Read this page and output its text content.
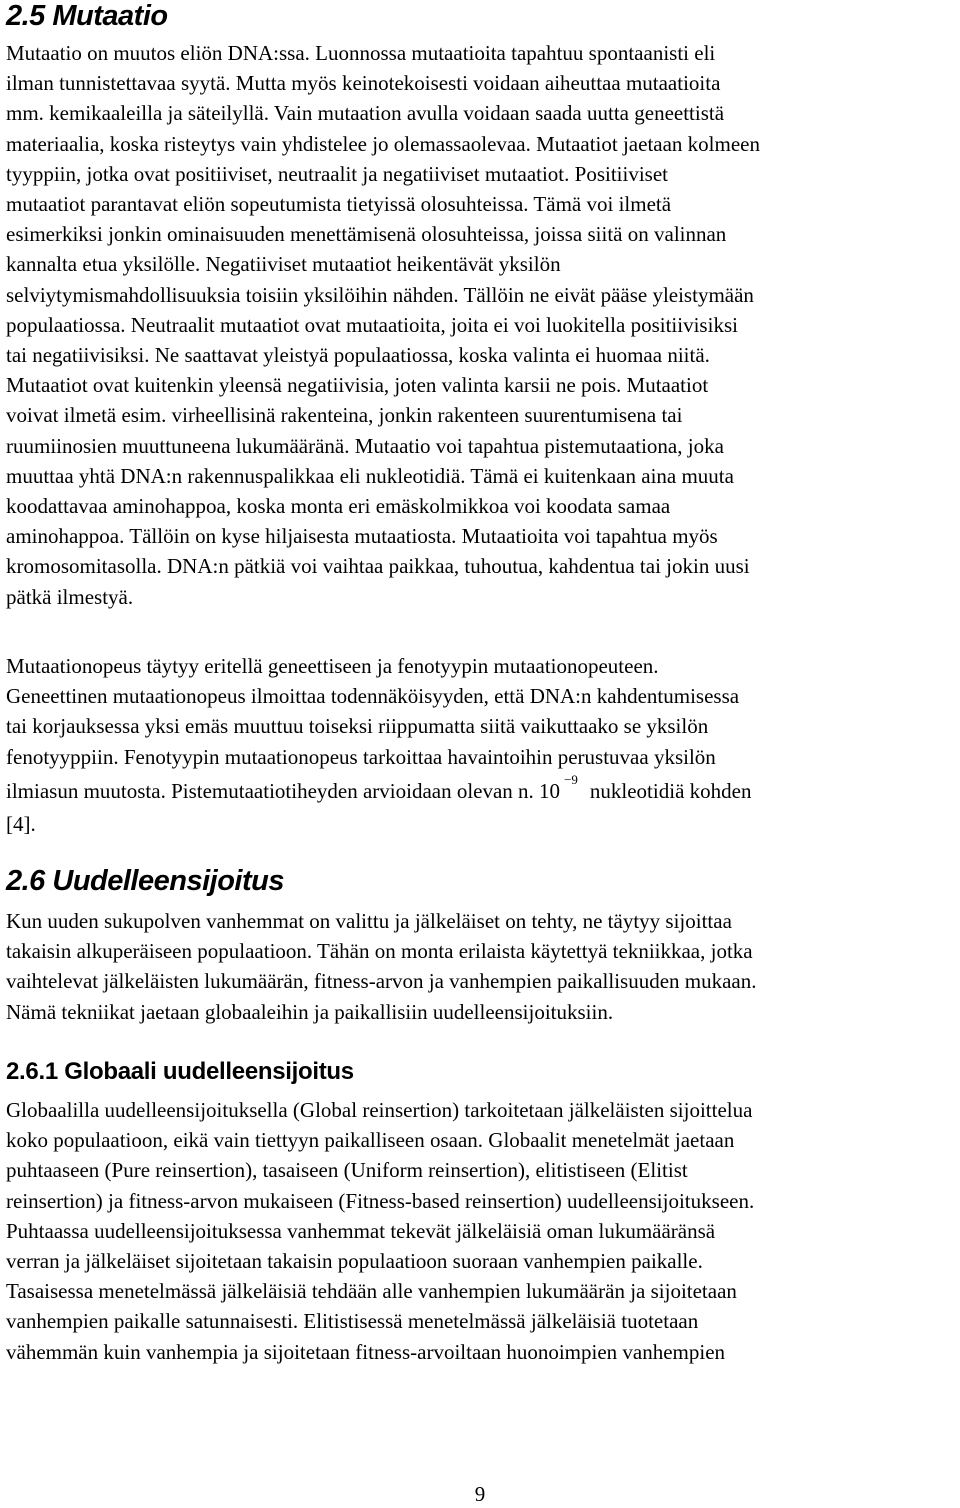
2.5 Mutaatio
Mutaatio on muutos eliön DNA:ssa. Luonnossa mutaatioita tapahtuu spontaanisti eli
ilman tunnistettavaa syytä. Mutta myös keinotekoisesti voidaan aiheuttaa mutaatioita
mm. kemikaaleilla ja säteilyllä. Vain mutaation avulla voidaan saada uutta geneettistä
materiaalia, koska risteytys vain yhdistelee jo olemassaolevaa. Mutaatiot jaetaan kolmeen
tyyppiin, jotka ovat positiiviset, neutraalit ja negatiiviset mutaatiot. Positiiviset
mutaatiot parantavat eliön sopeutumista tietyissä olosuhteissa. Tämä voi ilmetä
esimerkiksi jonkin ominaisuuden menettämisenä olosuhteissa, joissa siitä on valinnan
kannalta etua yksilölle. Negatiiviset mutaatiot heikentävät yksilön
selviytymismahdollisuuksia toisiin yksilöihin nähden. Tällöin ne eivät pääse yleistymään
populaatiossa. Neutraalit mutaatiot ovat mutaatioita, joita ei voi luokitella positiivisiksi
tai negatiivisiksi. Ne saattavat yleistyä populaatiossa, koska valinta ei huomaa niitä.
Mutaatiot ovat kuitenkin yleensä negatiivisia, joten valinta karsii ne pois. Mutaatiot
voivat ilmetä esim. virheellisinä rakenteina, jonkin rakenteen suurentumisena tai
ruumiinosien muuttuneena lukumääränä. Mutaatio voi tapahtua pistemutaationa, joka
muuttaa yhtä DNA:n rakennuspalikkaa eli nukleotidiä. Tämä ei kuitenkaan aina muuta
koodattavaa aminohappoa, koska monta eri emäskolmikkoa voi koodata samaa
aminohappoa. Tällöin on kyse hiljaisesta mutaatiosta. Mutaatioita voi tapahtua myös
kromosomitasolla. DNA:n pätkiä voi vaihtaa paikkaa, tuhoutua, kahdentua tai jokin uusi
pätkä ilmestyä.
Mutaationopeus täytyy eritellä geneettiseen ja fenotyypin mutaationopeuteen.
Geneettinen mutaationopeus ilmoittaa todennäköisyyden, että DNA:n kahdentumisessa
tai korjauksessa yksi emäs muuttuu toiseksi riippumatta siitä vaikuttaako se yksilön
fenotyyppiin. Fenotyypin mutaationopeus tarkoittaa havaintoihin perustuvaa yksilön
ilmiasun muutosta. Pistemutaatiotiheyden arvioidaan olevan n. 10 $^{-9}$ nukleotidiä kohden
[4].
2.6 Uudelleensijoitus
Kun uuden sukupolven vanhemmat on valittu ja jälkeläiset on tehty, ne täytyy sijoittaa
takaisin alkuperäiseen populaatioon. Tähän on monta erilaista käytettyä tekniikkaa, jotka
vaihtelevat jälkeläisten lukumäärän, fitness-arvon ja vanhempien paikallisuuden mukaan.
Nämä tekniikat jaetaan globaaleihin ja paikallisiin uudelleensijoituksiin.
2.6.1 Globaali uudelleensijoitus
Globaalilla uudelleensijoituksella (Global reinsertion) tarkoitetaan jälkeläisten sijoittelua
koko populaatioon, eikä vain tiettyyn paikalliseen osaan. Globaalit menetelmät jaetaan
puhtaaseen (Pure reinsertion), tasaiseen (Uniform reinsertion), elitistiseen (Elitist
reinsertion) ja fitness-arvon mukaiseen (Fitness-based reinsertion) uudelleensijoitukseen.
Puhtaassa uudelleensijoituksessa vanhemmat tekevät jälkeläisiä oman lukumääränsä
verran ja jälkeläiset sijoitetaan takaisin populaatioon suoraan vanhempien paikalle.
Tasaisessa menetelmässä jälkeläisiä tehdään alle vanhempien lukumäärän ja sijoitetaan
vanhempien paikalle satunnaisesti. Elitistisessä menetelmässä jälkeläisiä tuotetaan
vähemmän kuin vanhempia ja sijoitetaan fitness-arvoiltaan huonoimpien vanhempien
9
